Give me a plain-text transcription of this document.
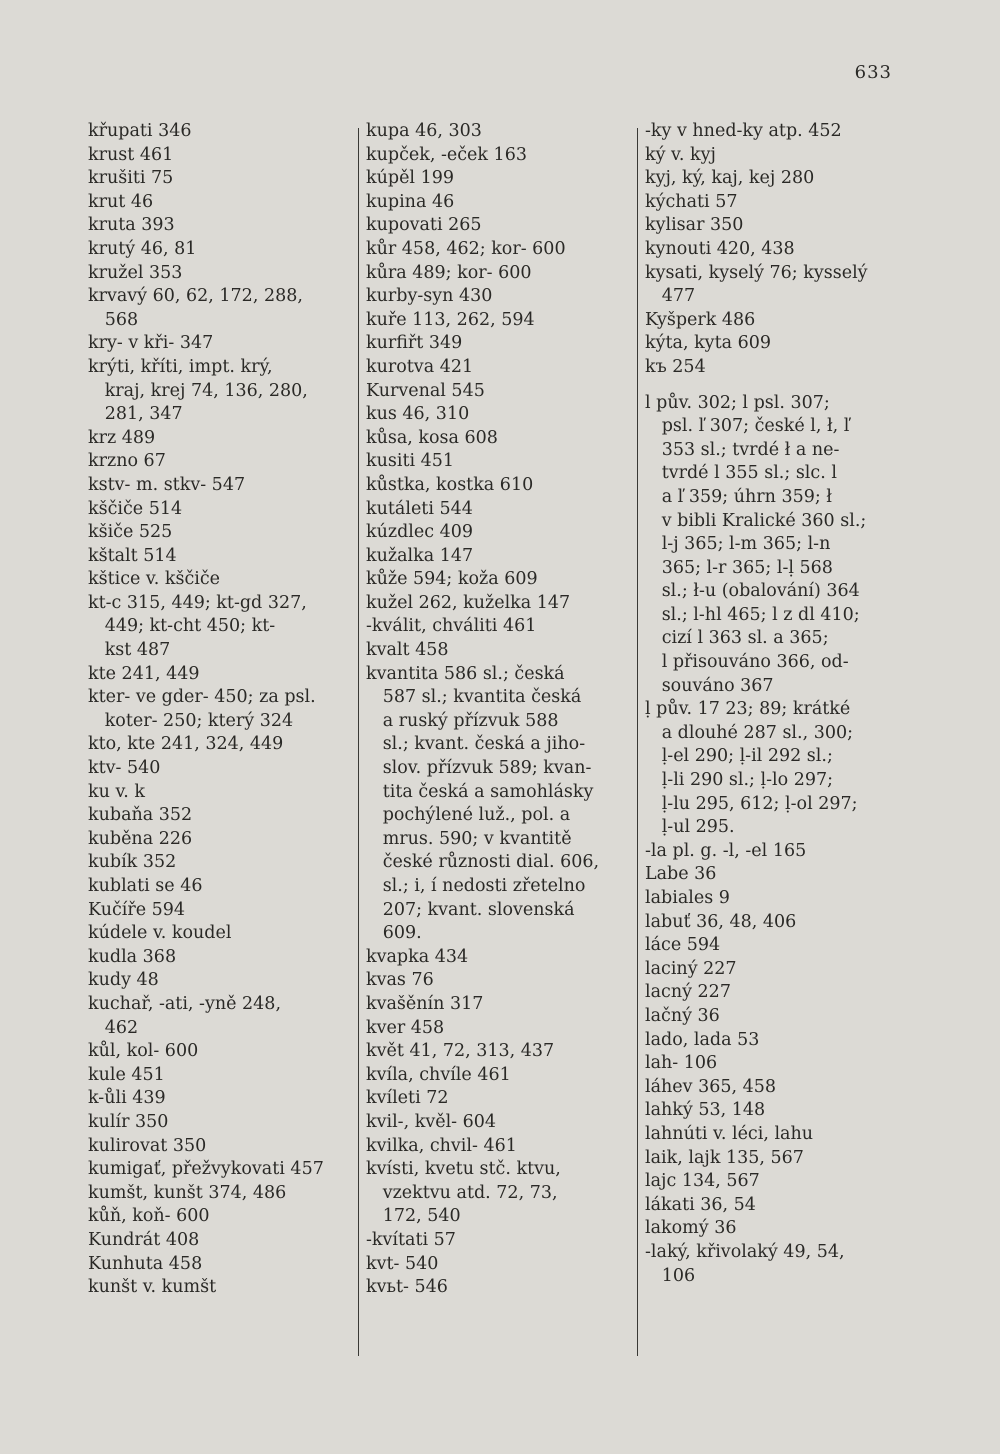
633
křupati 346
krust 461
krušiti 75
krut 46
kruta 393
krutý 46, 81
kružel 353
krvavý 60, 62, 172, 288,
568
kry- v kři- 347
krýti, kříti, impt. krý,
kraj, krej 74, 136, 280,
281, 347
krz 489
krzno 67
kstv- m. stkv- 547
kščiče 514
kšiče 525
kštalt 514
kštice v. kščiče
kt-c 315, 449; kt-gd 327,
449; kt-cht 450; kt-
kst 487
kte 241, 449
kter- ve gder- 450; za psl.
koter- 250; který 324
kto, kte 241, 324, 449
ktv- 540
ku v. k
kubaňa 352
kuběna 226
kubík 352
kublati se 46
Kučíře 594
kúdele v. koudel
kudla 368
kudy 48
kuchař, -ati, -yně 248,
462
kůl, kol- 600
kule 451
k-ůli 439
kulír 350
kulirovat 350
kumigať, přežvykovati 457
kumšt, kunšt 374, 486
kůň, koň- 600
Kundrát 408
Kunhuta 458
kunšt v. kumšt
kupa 46, 303
kupček, -eček 163
kúpěl 199
kupina 46
kupovati 265
kůr 458, 462; kor- 600
kůra 489; kor- 600
kurby-syn 430
kuře 113, 262, 594
kurfiřt 349
kurotva 421
Kurvenal 545
kus 46, 310
kůsa, kosa 608
kusiti 451
kůstka, kostka 610
kutáleti 544
kúzdlec 409
kužalka 147
kůže 594; koža 609
kužel 262, kuželka 147
-kválit, chváliti 461
kvalt 458
kvantita 586 sl.; česká
587 sl.; kvantita česká
a ruský přízvuk 588
sl.; kvant. česká a jiho-
slov. přízvuk 589; kvan-
tita česká a samohlásky
pochýlené luž., pol. a
mrus. 590; v kvantitě
české různosti dial. 606,
sl.; i, í nedosti zřetelno
207; kvant. slovenská
609.
kvapka 434
kvas 76
kvašěnín 317
kver 458
květ 41, 72, 313, 437
kvíla, chvíle 461
kvíleti 72
kvil-, kvěl- 604
kvilka, chvil- 461
kvísti, kvetu stč. ktvu,
vzektvu atd. 72, 73,
172, 540
-kvítati 57
kvt- 540
kvьt- 546
-ky v hned-ky atp. 452
ký v. kyj
kyj, ký, kaj, kej 280
kýchati 57
kylisar 350
kynouti 420, 438
kysati, kyselý 76; kysselý
477
Kyšperk 486
kýta, kyta 609
kъ 254
l pův. 302; l psl. 307;
psl. ľ 307; české l, ł, ľ
353 sl.; tvrdé ł a ne-
tvrdé l 355 sl.; slc. l
a ľ 359; úhrn 359; ł
v bibli Kralické 360 sl.;
l-j 365; l-m 365; l-n
365; l-r 365; l-ḷ 568
sl.; ł-u (obalování) 364
sl.; l-hl 465; l z dl 410;
cizí l 363 sl. a 365;
l přisouváno 366, od-
souváno 367
ḷ pův. 17 23; 89; krátké
a dlouhé 287 sl., 300;
ḷ-el 290; ḷ-il 292 sl.;
ḷ-li 290 sl.; ḷ-lo 297;
ḷ-lu 295, 612; ḷ-ol 297;
ḷ-ul 295.
-la pl. g. -l, -el 165
Labe 36
labiales 9
labuť 36, 48, 406
láce 594
laciný 227
lacný 227
lačný 36
lado, lada 53
lah- 106
láhev 365, 458
lahký 53, 148
lahnúti v. léci, lahu
laik, lajk 135, 567
lajc 134, 567
lákati 36, 54
lakomý 36
-laký, křivolaký 49, 54,
106
